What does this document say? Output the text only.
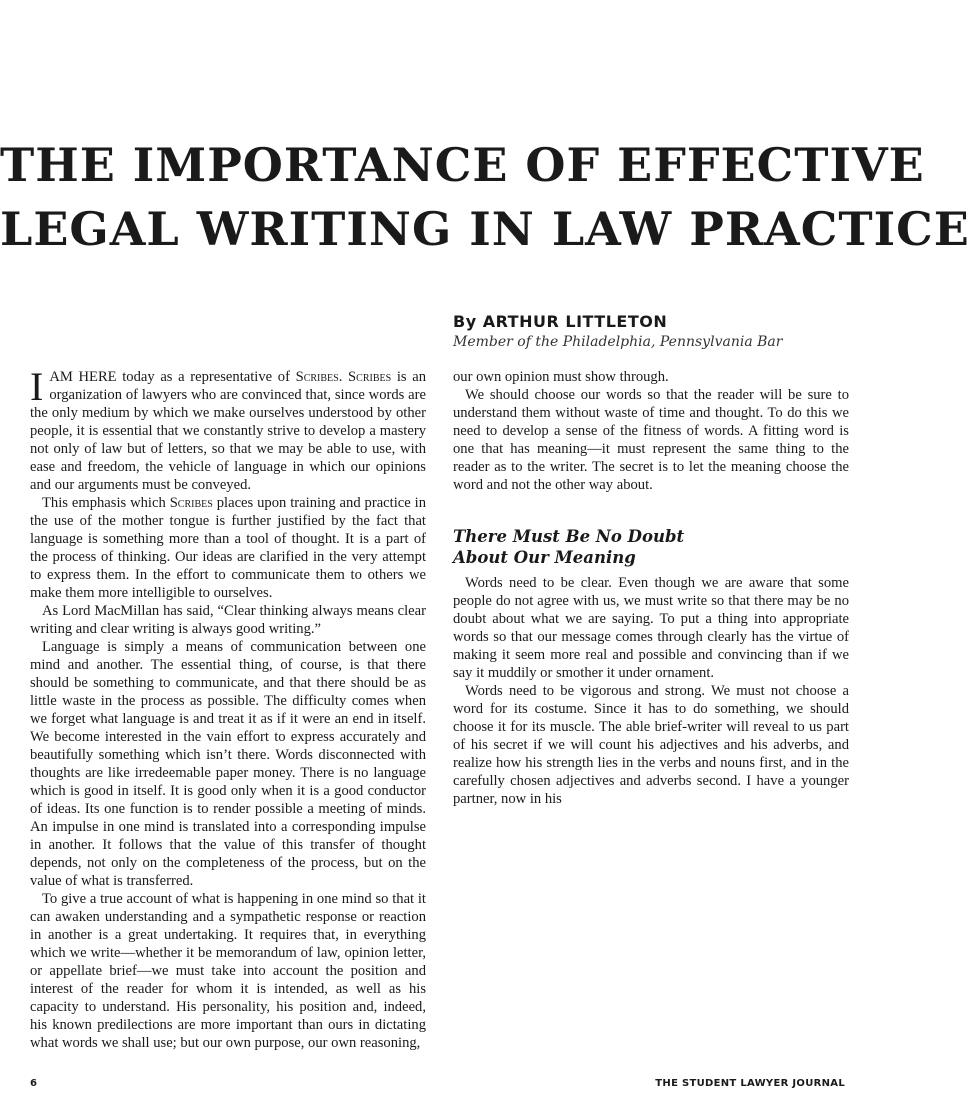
THE IMPORTANCE OF EFFECTIVE
LEGAL WRITING IN LAW PRACTICE
By ARTHUR LITTLETON
Member of the Philadelphia, Pennsylvania Bar

IAM HERE today as a representative of Scribes. Scribes is an organization of lawyers who are convinced that, since words are the only medium by which we make ourselves understood by other people, it is essential that we constantly strive to develop a mastery not only of law but of letters, so that we may be able to use, with ease and freedom, the vehicle of language in which our opinions and our arguments must be conveyed.

This emphasis which Scribes places upon training and practice in the use of the mother tongue is further justified by the fact that language is something more than a tool of thought. It is a part of the process of thinking. Our ideas are clarified in the very attempt to express them. In the effort to communicate them to others we make them more intelligible to ourselves.

As Lord MacMillan has said, “Clear thinking always means clear writing and clear writing is always good writing.”

Language is simply a means of communication between one mind and another. The essential thing, of course, is that there should be something to communicate, and that there should be as little waste in the process as possible. The difficulty comes when we forget what language is and treat it as if it were an end in itself. We become interested in the vain effort to express accurately and beautifully something which isn’t there. Words disconnected with thoughts are like irredeemable paper money. There is no language which is good in itself. It is good only when it is a good conductor of ideas. Its one function is to render possible a meeting of minds. An impulse in one mind is translated into a corresponding impulse in another. It follows that the value of this transfer of thought depends, not only on the completeness of the process, but on the value of what is transferred.

To give a true account of what is happening in one mind so that it can awaken understanding and a sympathetic response or reaction in another is a great undertaking. It requires that, in everything which we write—whether it be memorandum of law, opinion letter, or appellate brief—we must take into account the position and interest of the reader for whom it is intended, as well as his capacity to understand. His personality, his position and, indeed, his known predilections are more important than ours in dictating what words we shall use; but our own purpose, our own reasoning,

our own opinion must show through.

We should choose our words so that the reader will be sure to understand them without waste of time and thought. To do this we need to develop a sense of the fitness of words. A fitting word is one that has meaning—it must represent the same thing to the reader as to the writer. The secret is to let the meaning choose the word and not the other way about.

There Must Be No Doubt
About Our Meaning

Words need to be clear. Even though we are aware that some people do not agree with us, we must write so that there may be no doubt about what we are saying. To put a thing into appropriate words so that our message comes through clearly has the virtue of making it seem more real and possible and convincing than if we say it muddily or smother it under ornament.

Words need to be vigorous and strong. We must not choose a word for its costume. Since it has to do something, we should choose it for its muscle. The able brief-writer will reveal to us part of his secret if we will count his adjectives and his adverbs, and realize how his strength lies in the verbs and nouns first, and in the carefully chosen adjectives and adverbs second. I have a younger partner, now in his

6	THE STUDENT LAWYER JOURNAL
